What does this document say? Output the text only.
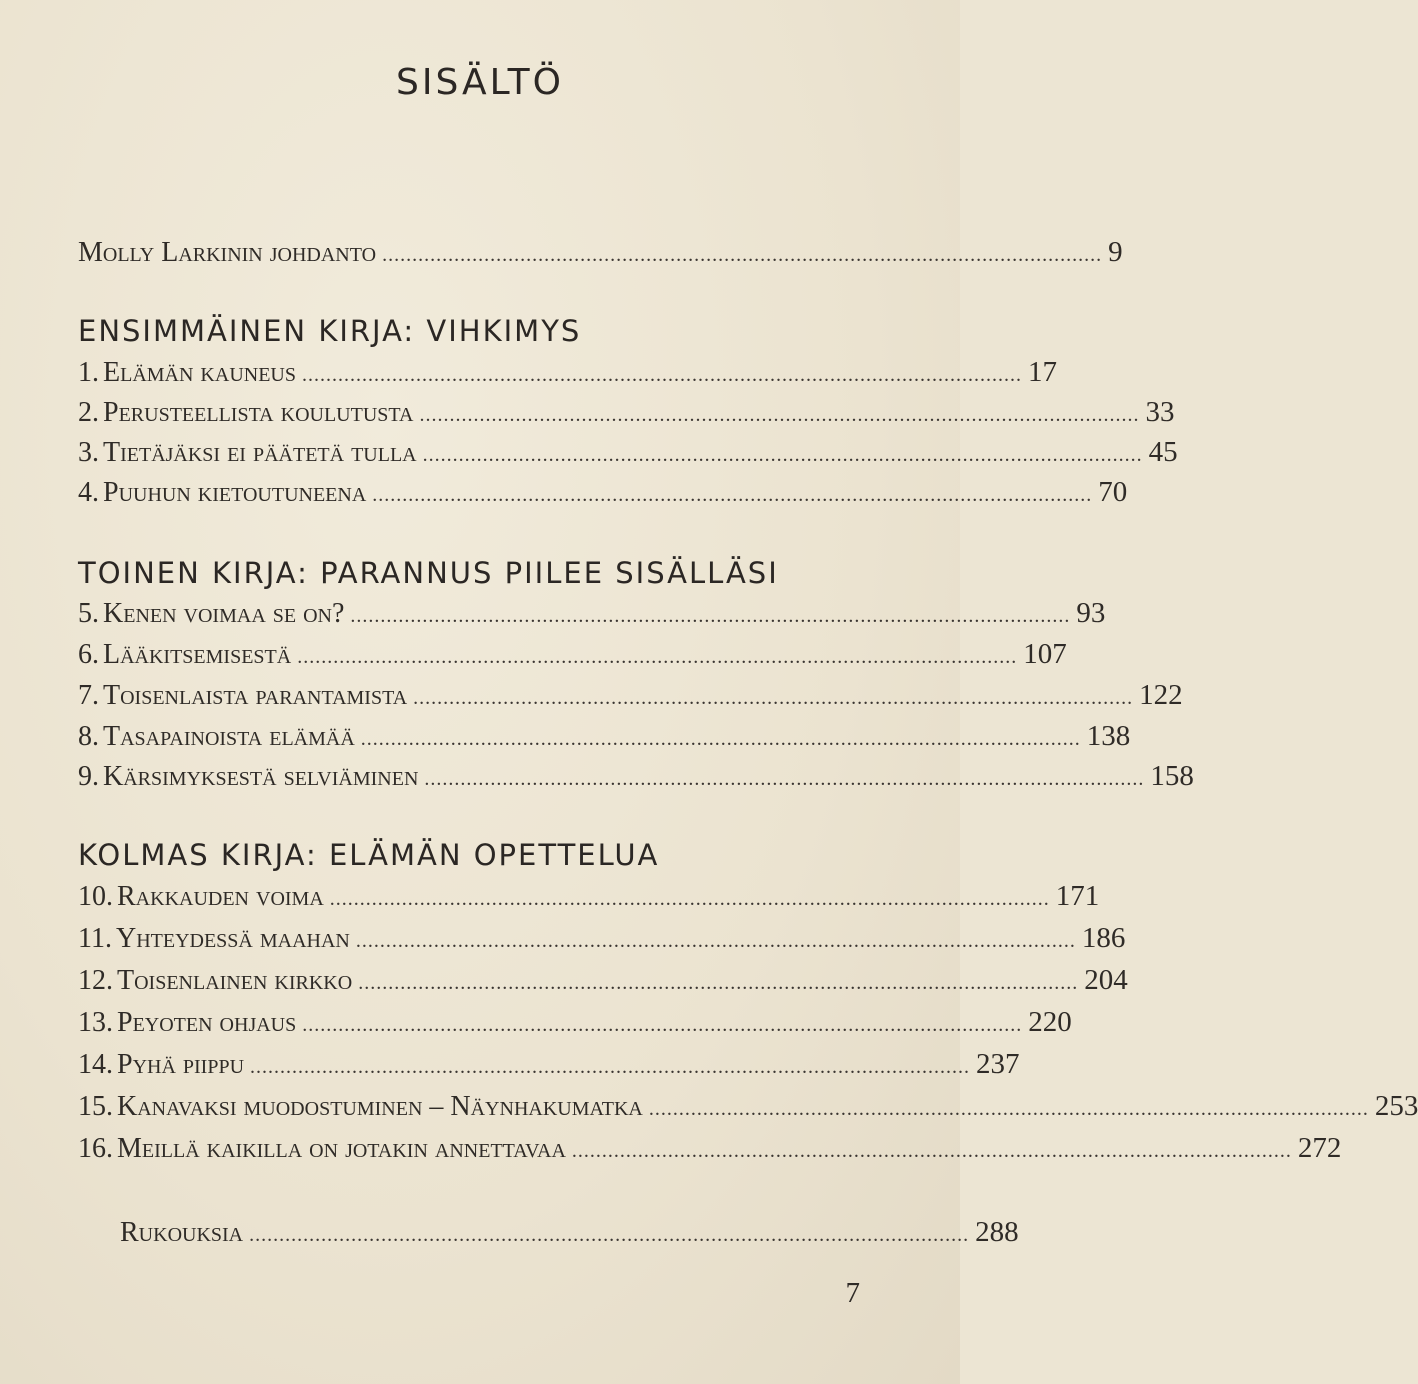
SISÄLTÖ
Molly Larkinin johdanto ........................................................................................................................ 9
ENSIMMÄINEN KIRJA: VIHKIMYS
1.
Elämän kauneus ........................................................................................................................ 17
2.
Perusteellista koulutusta ........................................................................................................................ 33
3.
Tietäjäksi ei päätetä tulla ........................................................................................................................ 45
4.
Puuhun kietoutuneena ........................................................................................................................ 70
TOINEN KIRJA: PARANNUS PIILEE SISÄLLÄSI
5.
Kenen voimaa se on? ........................................................................................................................ 93
6.
Lääkitsemisestä ........................................................................................................................ 107
7.
Toisenlaista parantamista ........................................................................................................................ 122
8.
Tasapainoista elämää ........................................................................................................................ 138
9.
Kärsimyksestä selviäminen ........................................................................................................................ 158
KOLMAS KIRJA: ELÄMÄN OPETTELUA
10.
Rakkauden voima ........................................................................................................................ 171
11.
Yhteydessä maahan ........................................................................................................................ 186
12.
Toisenlainen kirkko ........................................................................................................................ 204
13.
Peyoten ohjaus ........................................................................................................................ 220
14.
Pyhä piippu ........................................................................................................................ 237
15.
Kanavaksi muodostuminen – Näynhakumatka ........................................................................................................................ 253
16.
Meillä kaikilla on jotakin annettavaa ........................................................................................................................ 272
Rukouksia ........................................................................................................................ 288
7
